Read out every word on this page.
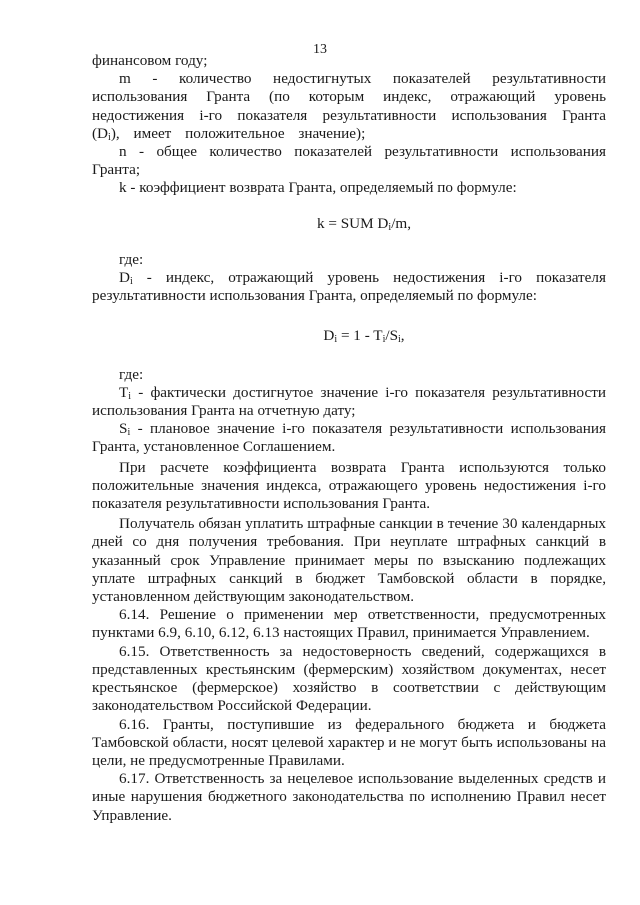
13

финансовом году;

m - количество недостигнутых показателей результативности использования Гранта (по которым индекс, отражающий уровень недостижения i-го показателя результативности использования Гранта $(D_i)$, имеет положительное значение);

n - общее количество показателей результативности использования Гранта;

k - коэффициент возврата Гранта, определяемый по формуле:

k = SUM $D_i/m$,

где:

$D_i$ - индекс, отражающий уровень недостижения i-го показателя результативности использования Гранта, определяемый по формуле:

$D_i = 1 - T_i/S_i$,

где:

$T_i$ - фактически достигнутое значение i-го показателя результативности использования Гранта на отчетную дату;

$S_i$ - плановое значение i-го показателя результативности использования Гранта, установленное Соглашением.

При расчете коэффициента возврата Гранта используются только положительные значения индекса, отражающего уровень недостижения i-го показателя результативности использования Гранта.

Получатель обязан уплатить штрафные санкции в течение 30 календарных дней со дня получения требования. При неуплате штрафных санкций в указанный срок Управление принимает меры по взысканию подлежащих уплате штрафных санкций в бюджет Тамбовской области в порядке, установленном действующим законодательством.

6.14. Решение о применении мер ответственности, предусмотренных пунктами 6.9, 6.10, 6.12, 6.13 настоящих Правил, принимается Управлением.

6.15. Ответственность за недостоверность сведений, содержащихся в представленных крестьянским (фермерским) хозяйством документах, несет крестьянское (фермерское) хозяйство в соответствии с действующим законодательством Российской Федерации.

6.16. Гранты, поступившие из федерального бюджета и бюджета Тамбовской области, носят целевой характер и не могут быть использованы на цели, не предусмотренные Правилами.

6.17. Ответственность за нецелевое использование выделенных средств и иные нарушения бюджетного законодательства по исполнению Правил несет Управление.
